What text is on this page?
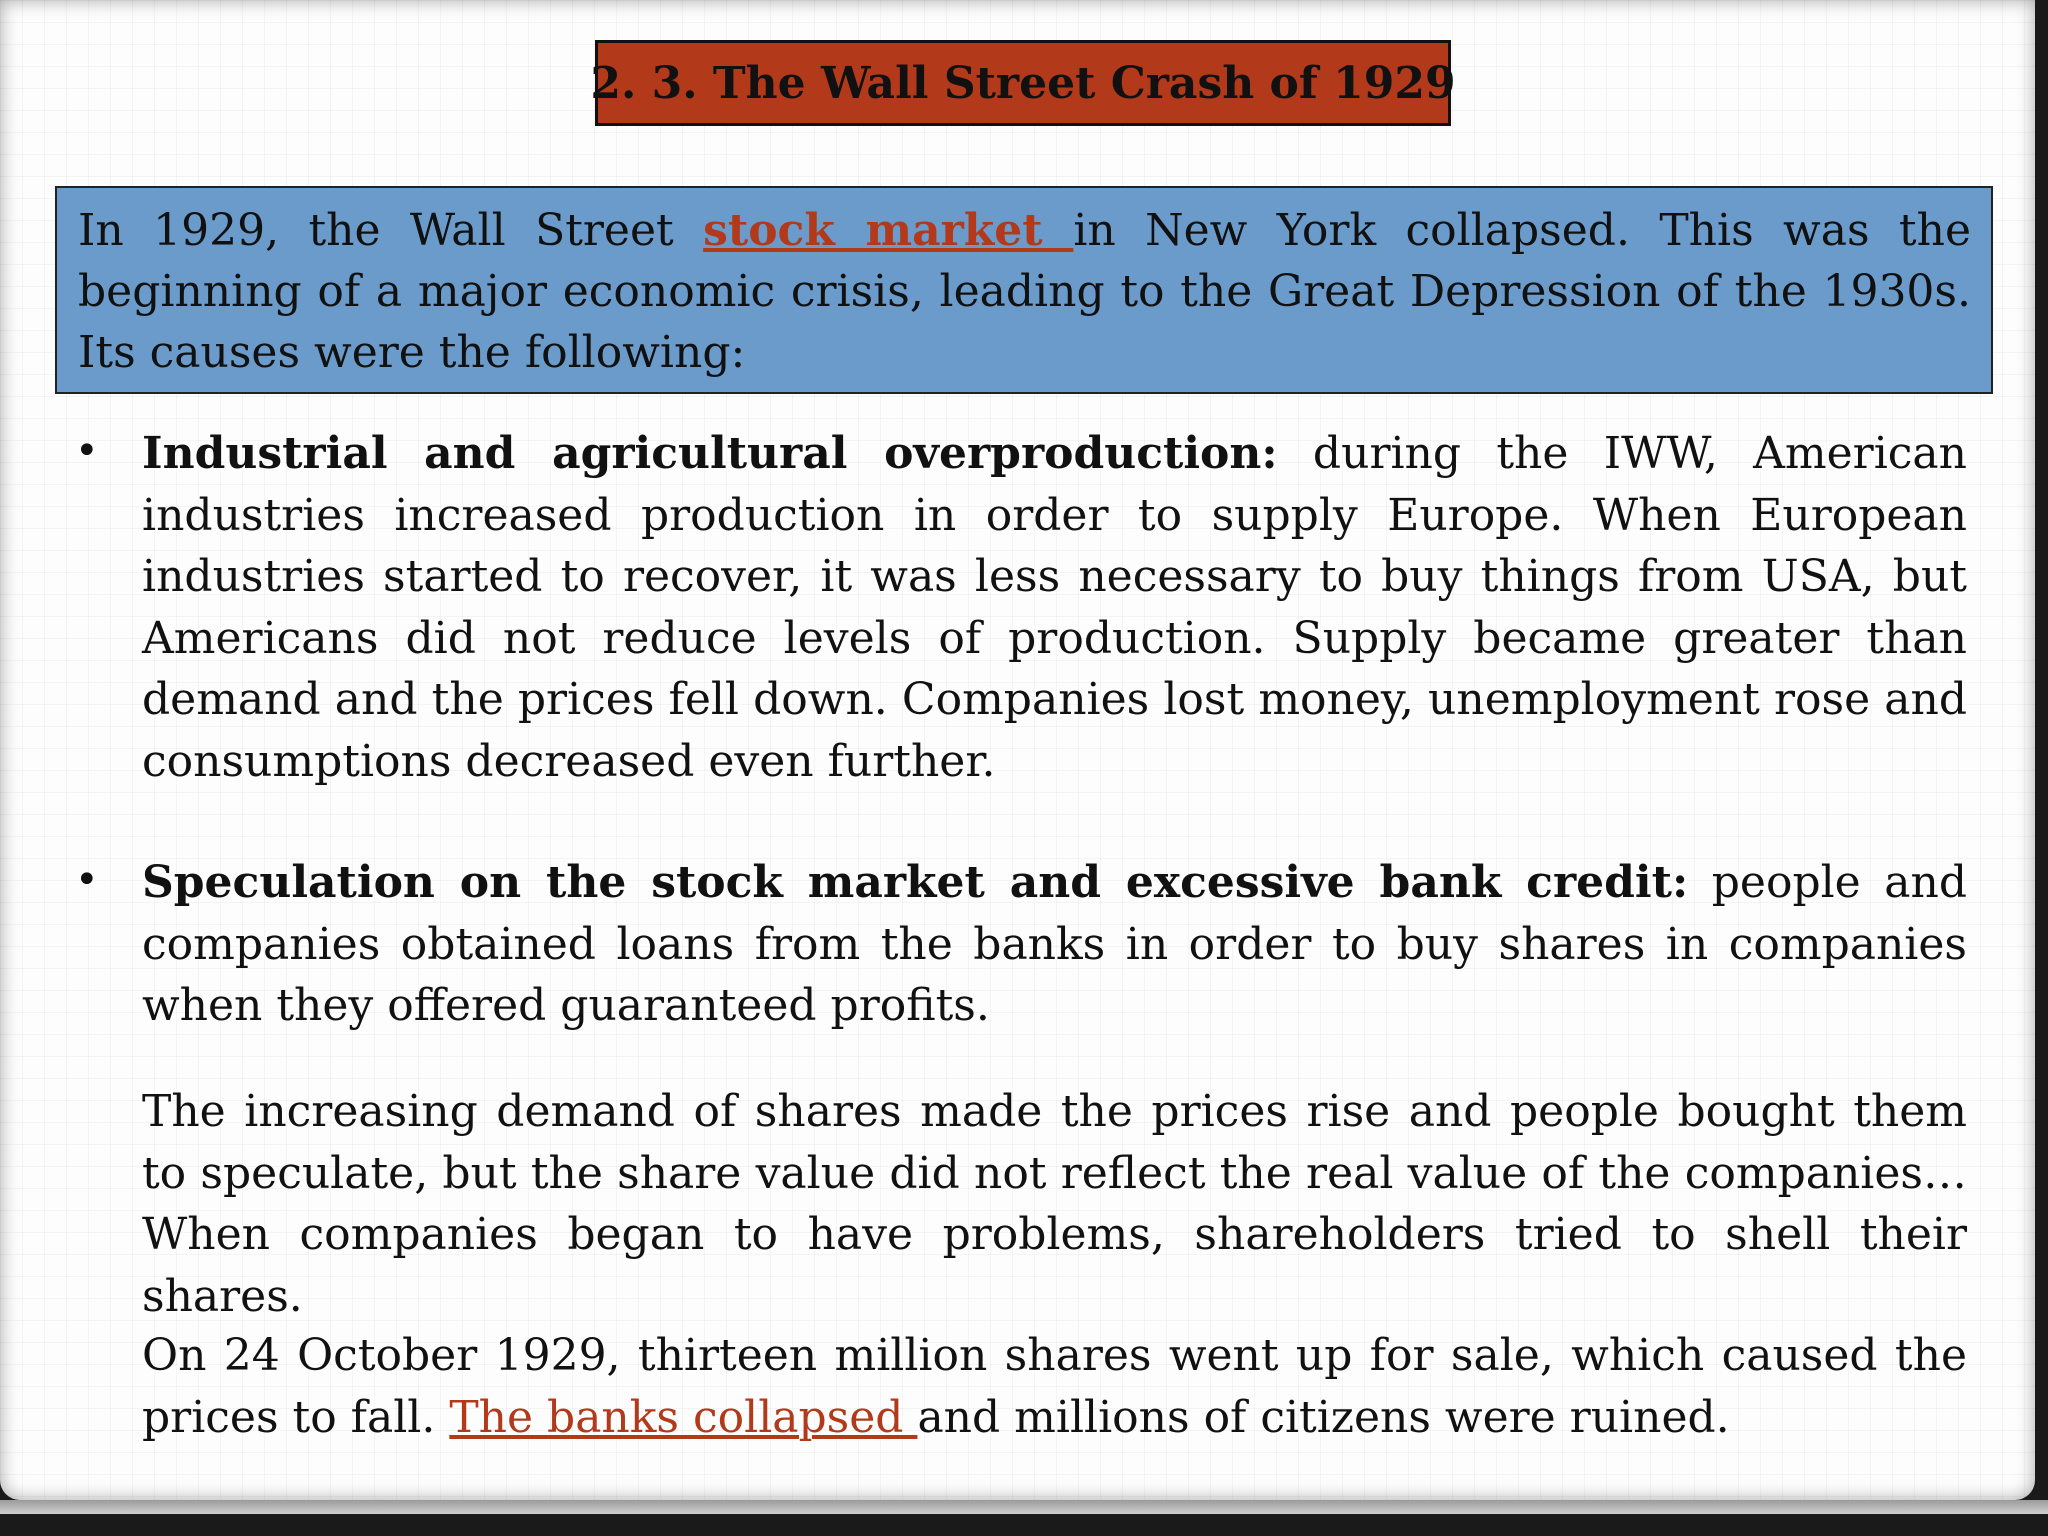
2. 3. The Wall Street Crash of 1929
In 1929, the Wall Street stock market in New York collapsed. This was the beginning of a major economic crisis, leading to the Great Depression of the 1930s. Its causes were the following:
• Industrial and agricultural overproduction: during the IWW, American industries increased production in order to supply Europe. When European industries started to recover, it was less necessary to buy things from USA, but Americans did not reduce levels of production. Supply became greater than demand and the prices fell down. Companies lost money, unemployment rose and consumptions decreased even further.
• Speculation on the stock market and excessive bank credit: people and companies obtained loans from the banks in order to buy shares in companies when they offered guaranteed profits.
The increasing demand of shares made the prices rise and people bought them to speculate, but the share value did not reflect the real value of the companies… When companies began to have problems, shareholders tried to shell their shares.
On 24 October 1929, thirteen million shares went up for sale, which caused the prices to fall. The banks collapsed and millions of citizens were ruined.
